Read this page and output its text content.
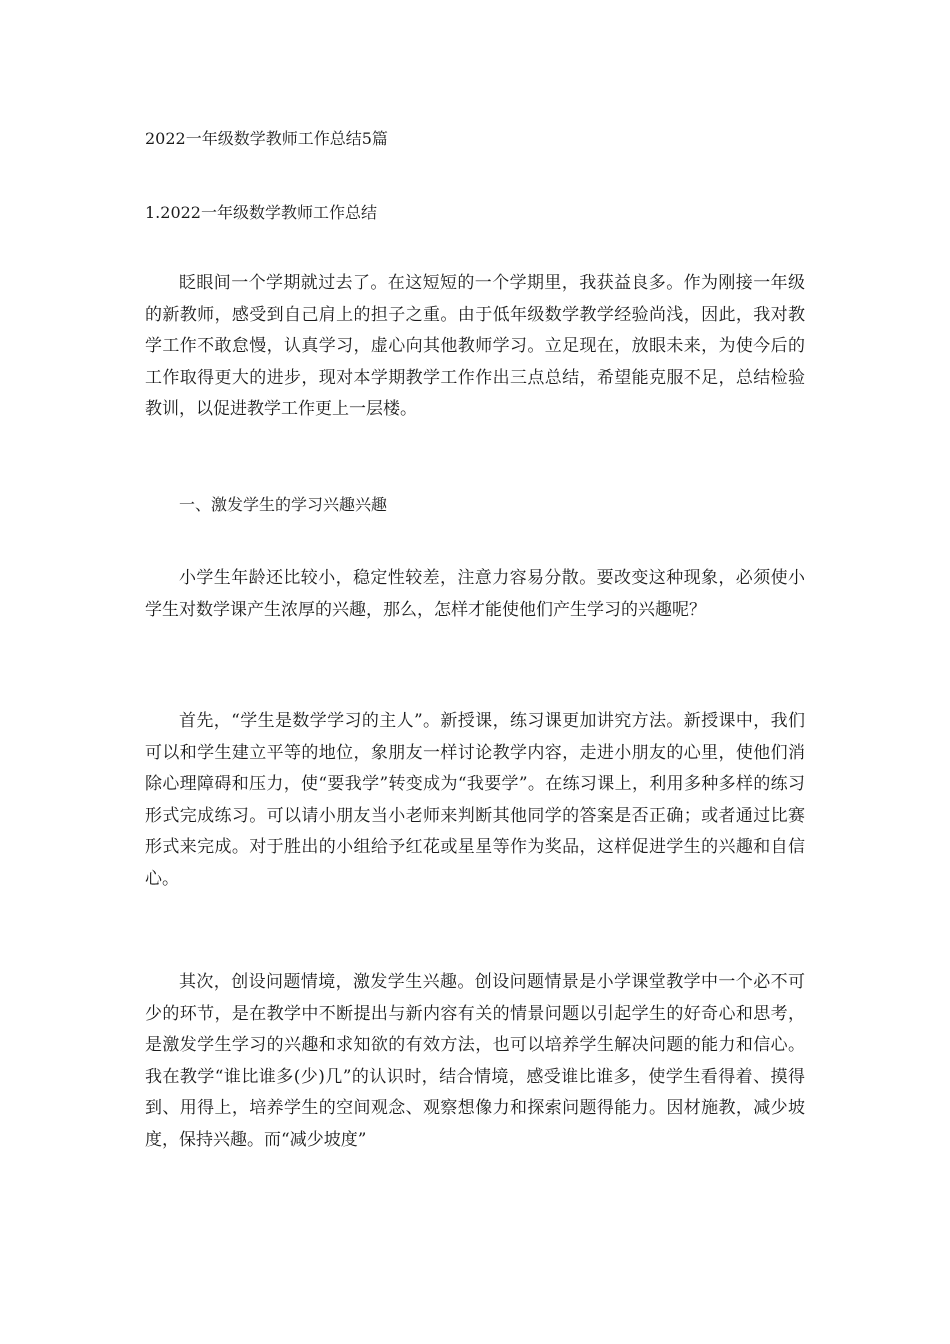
2022一年级数学教师工作总结5篇
1.2022一年级数学教师工作总结

眨眼间一个学期就过去了。在这短短的一个学期里，我获益良多。作为刚接一年级的新教师，感受到自己肩上的担子之重。由于低年级数学教学经验尚浅，因此，我对教学工作不敢怠慢，认真学习，虚心向其他教师学习。立足现在，放眼未来，为使今后的工作取得更大的进步，现对本学期教学工作作出三点总结，希望能克服不足，总结检验教训，以促进教学工作更上一层楼。

一、激发学生的学习兴趣兴趣

小学生年龄还比较小，稳定性较差，注意力容易分散。要改变这种现象，必须使小学生对数学课产生浓厚的兴趣，那么，怎样才能使他们产生学习的兴趣呢？

首先，“学生是数学学习的主人”。新授课，练习课更加讲究方法。新授课中，我们可以和学生建立平等的地位，象朋友一样讨论教学内容，走进小朋友的心里，使他们消除心理障碍和压力，使“要我学”转变成为“我要学”。在练习课上，利用多种多样的练习形式完成练习。可以请小朋友当小老师来判断其他同学的答案是否正确；或者通过比赛形式来完成。对于胜出的小组给予红花或星星等作为奖品，这样促进学生的兴趣和自信心。

其次，创设问题情境，激发学生兴趣。创设问题情景是小学课堂教学中一个必不可少的环节，是在教学中不断提出与新内容有关的情景问题以引起学生的好奇心和思考，是激发学生学习的兴趣和求知欲的有效方法，也可以培养学生解决问题的能力和信心。我在教学“谁比谁多(少)几”的认识时，结合情境，感受谁比谁多，使学生看得着、摸得到、用得上，培养学生的空间观念、观察想像力和探索问题得能力。因材施教，减少坡度，保持兴趣。而“减少坡度”
